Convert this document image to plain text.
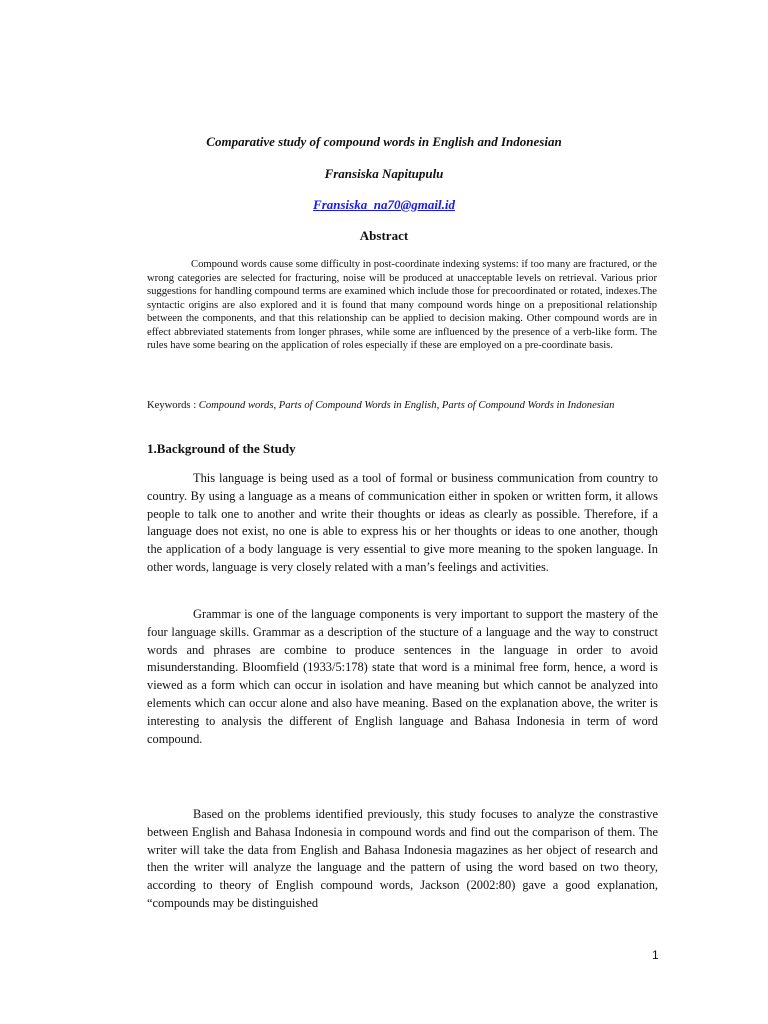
Comparative study of compound words in English and Indonesian
Fransiska Napitupulu
Fransiska_na70@gmail.id
Abstract

Compound words cause some difficulty in post-coordinate indexing systems: if too many are fractured, or the wrong categories are selected for fracturing, noise will be produced at unacceptable levels on retrieval. Various prior suggestions for handling compound terms are examined which include those for precoordinated or rotated, indexes.The syntactic origins are also explored and it is found that many compound words hinge on a prepositional relationship between the components, and that this relationship can be applied to decision making. Other compound words are in effect abbreviated statements from longer phrases, while some are influenced by the presence of a verb-like form. The rules have some bearing on the application of roles especially if these are employed on a pre-coordinate basis.

Keywords : Compound words, Parts of Compound Words in English, Parts of Compound Words in Indonesian

1.Background of the Study

This language is being used as a tool of formal or business communication from country to country. By using a language as a means of communication either in spoken or written form, it allows people to talk one to another and write their thoughts or ideas as clearly as possible. Therefore, if a language does not exist, no one is able to express his or her thoughts or ideas to one another, though the application of a body language is very essential to give more meaning to the spoken language. In other words, language is very closely related with a man’s feelings and activities.

Grammar is one of the language components is very important to support the mastery of the four language skills. Grammar as a description of the stucture of a language and the way to construct words and phrases are combine to produce sentences in the language in order to avoid misunderstanding. Bloomfield (1933/5:178) state that word is a minimal free form, hence, a word is viewed as a form which can occur in isolation and have meaning but which cannot be analyzed into elements which can occur alone and also have meaning. Based on the explanation above, the writer is interesting to analysis the different of English language and Bahasa Indonesia in term of word compound.

Based on the problems identified previously, this study focuses to analyze the constrastive between English and Bahasa Indonesia in compound words and find out the comparison of them. The writer will take the data from English and Bahasa Indonesia magazines as her object of research and then the writer will analyze the language and the pattern of using the word based on two theory, according to theory of English compound words, Jackson (2002:80) gave a good explanation, “compounds may be distinguished

1
